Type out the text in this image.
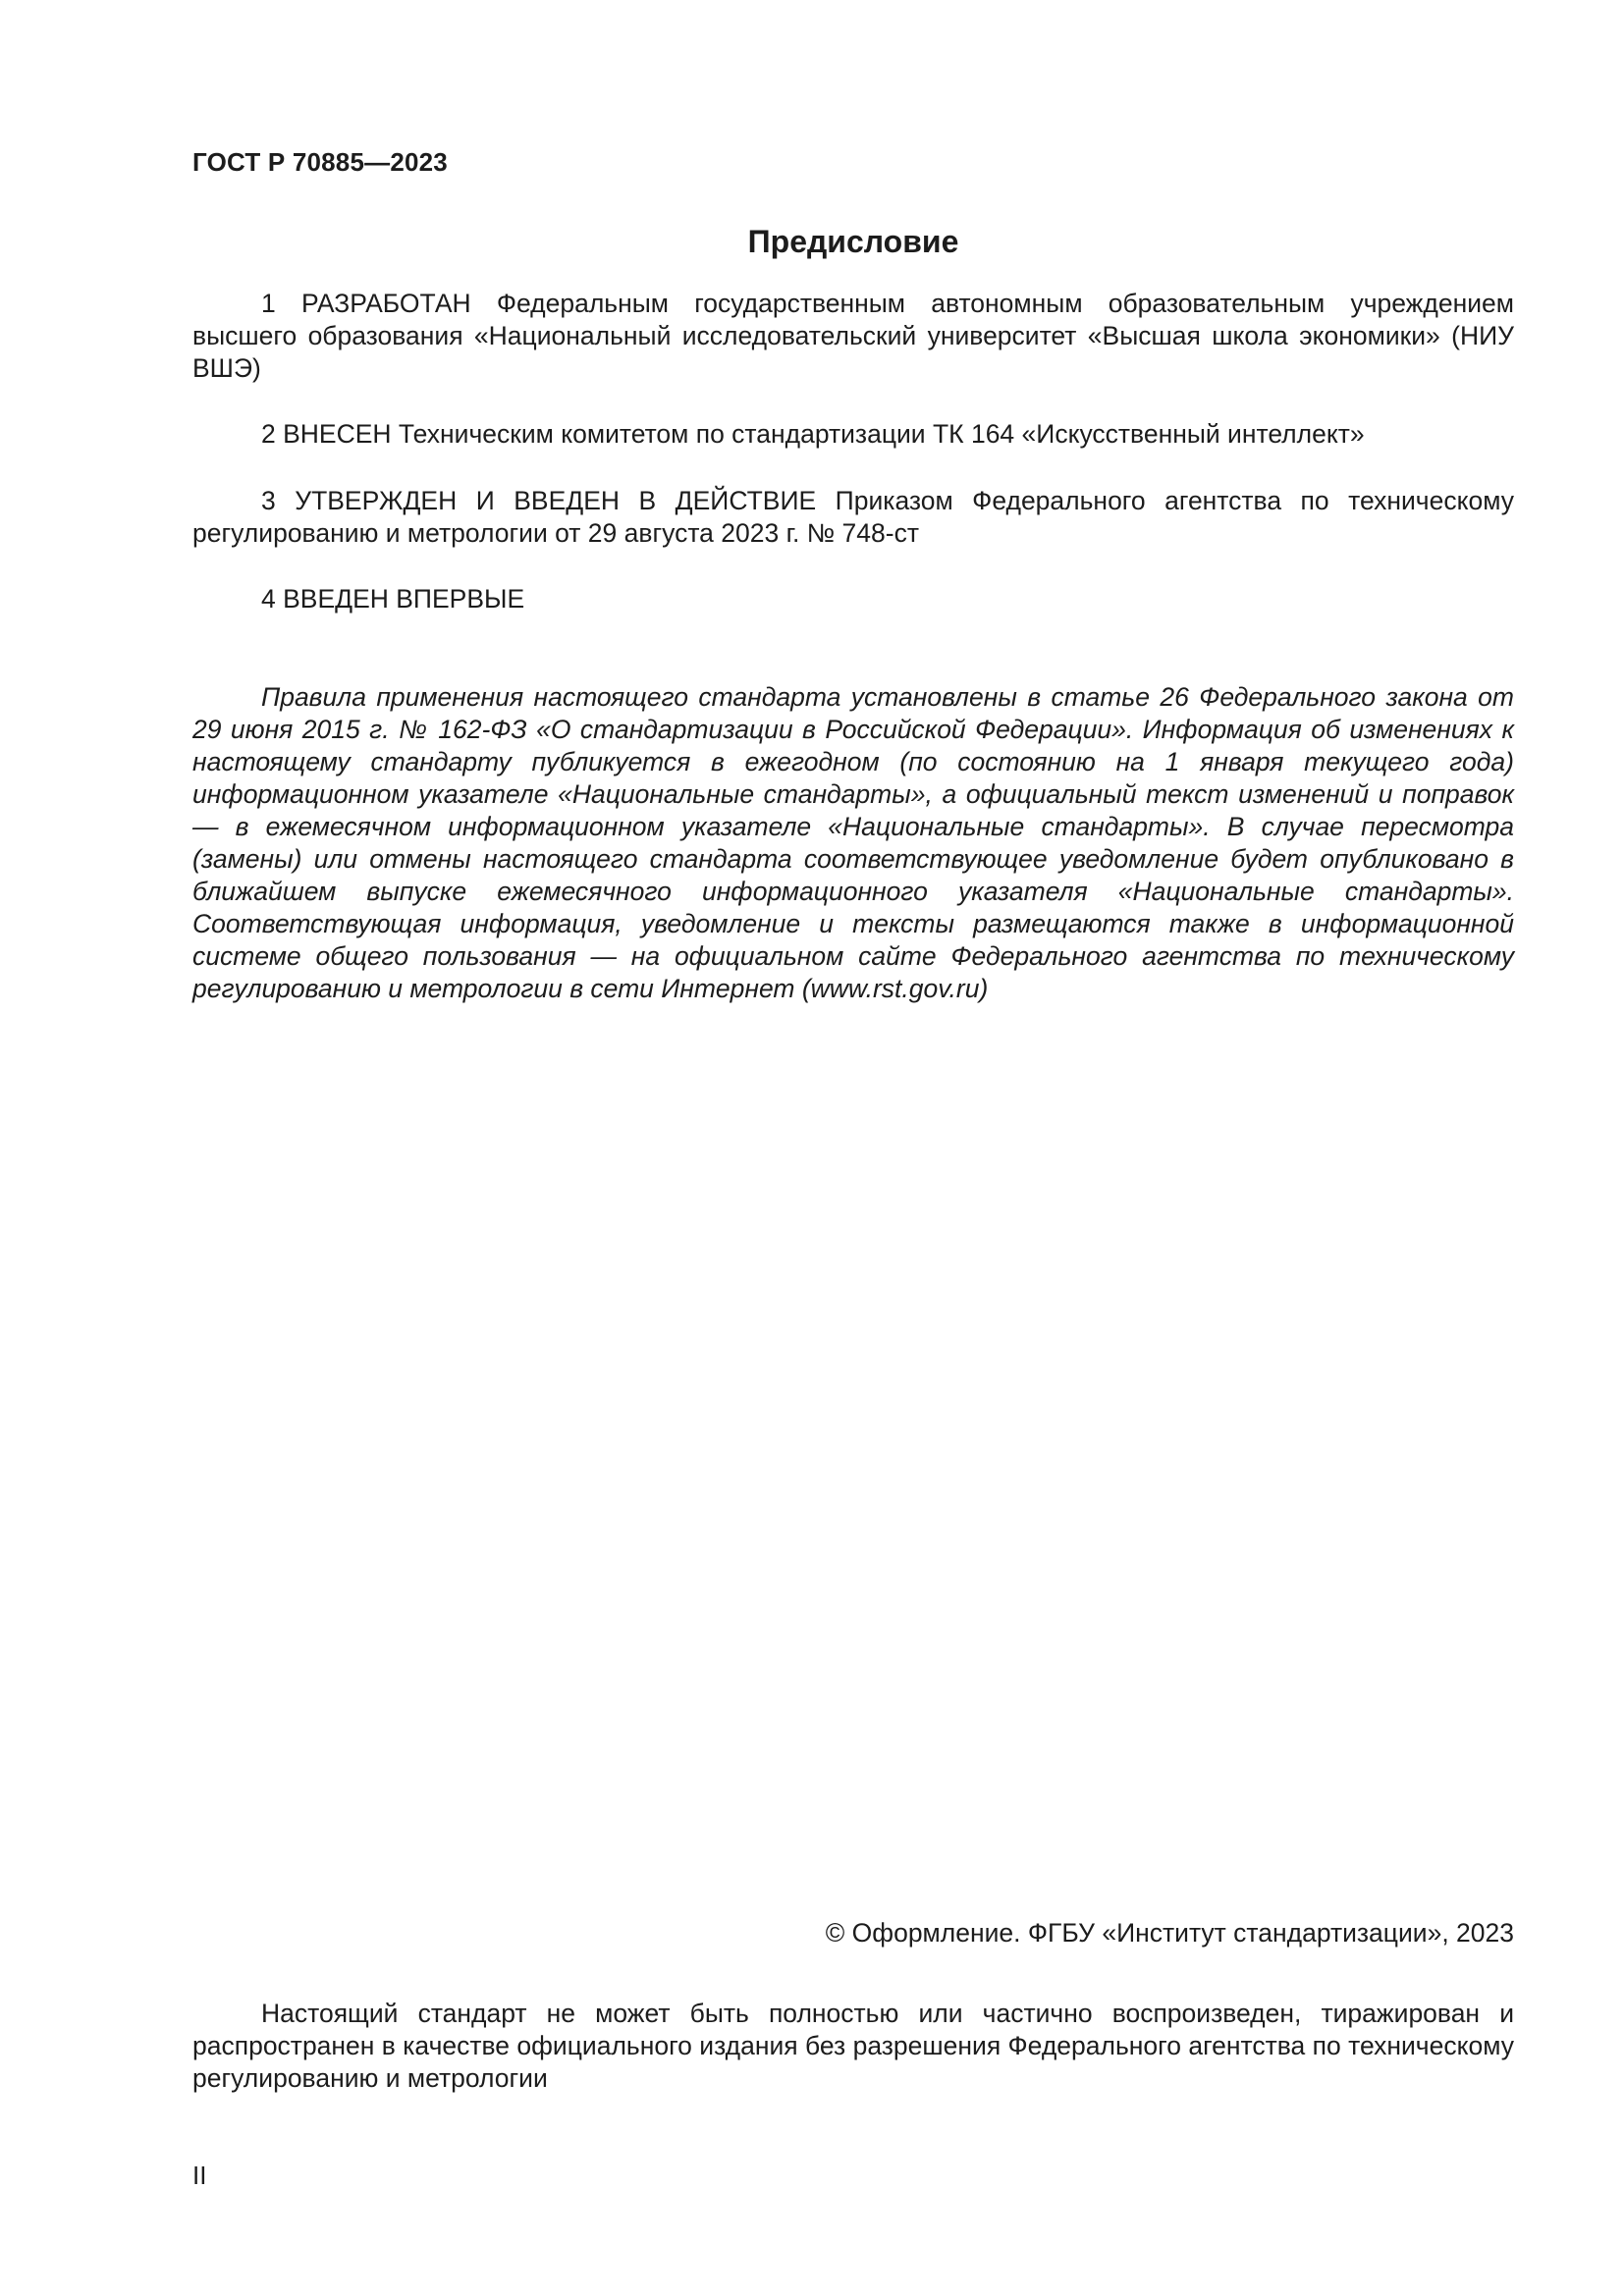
ГОСТ Р 70885—2023
Предисловие

1 РАЗРАБОТАН Федеральным государственным автономным образовательным учреждением высшего образования «Национальный исследовательский университет «Высшая школа экономики» (НИУ ВШЭ)

2 ВНЕСЕН Техническим комитетом по стандартизации ТК 164 «Искусственный интеллект»

3 УТВЕРЖДЕН И ВВЕДЕН В ДЕЙСТВИЕ Приказом Федерального агентства по техническому регулированию и метрологии от 29 августа 2023 г. № 748-ст

4 ВВЕДЕН ВПЕРВЫЕ

Правила применения настоящего стандарта установлены в статье 26 Федерального закона от 29 июня 2015 г. № 162-ФЗ «О стандартизации в Российской Федерации». Информация об изменениях к настоящему стандарту публикуется в ежегодном (по состоянию на 1 января текущего года) информационном указателе «Национальные стандарты», а официальный текст изменений и поправок — в ежемесячном информационном указателе «Национальные стандарты». В случае пересмотра (замены) или отмены настоящего стандарта соответствующее уведомление будет опубликовано в ближайшем выпуске ежемесячного информационного указателя «Национальные стандарты». Соответствующая информация, уведомление и тексты размещаются также в информационной системе общего пользования — на официальном сайте Федерального агентства по техническому регулированию и метрологии в сети Интернет (www.rst.gov.ru)

© Оформление. ФГБУ «Институт стандартизации», 2023

Настоящий стандарт не может быть полностью или частично воспроизведен, тиражирован и распространен в качестве официального издания без разрешения Федерального агентства по техническому регулированию и метрологии

II
